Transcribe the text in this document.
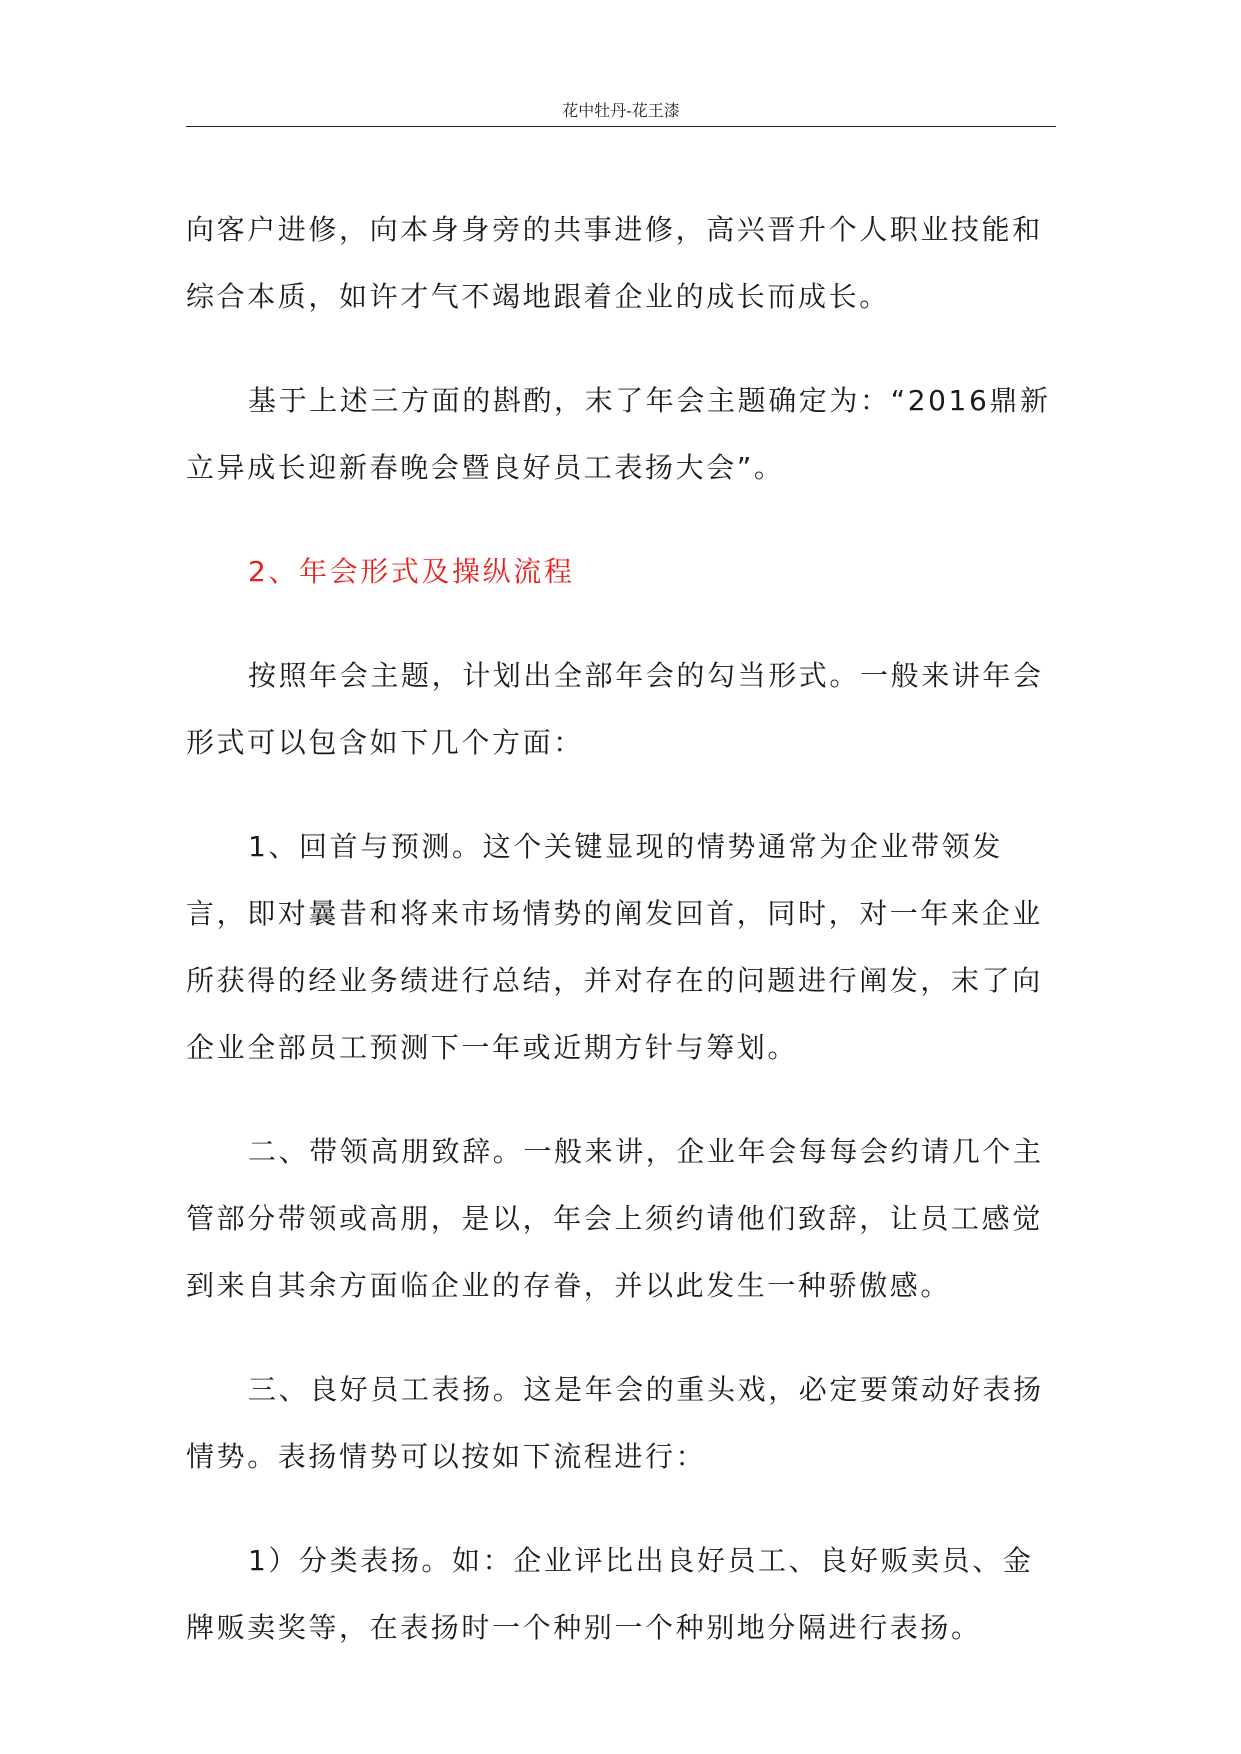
花中牡丹-花王漆

向客户进修，向本身身旁的共事进修，高兴晋升个人职业技能和综合本质，如许才气不竭地跟着企业的成长而成长。

基于上述三方面的斟酌，末了年会主题确定为：“2016鼎新立异成长迎新春晚会暨良好员工表扬大会”。

2、年会形式及操纵流程

按照年会主题，计划出全部年会的勾当形式。一般来讲年会形式可以包含如下几个方面：

1、回首与预测。这个关键显现的情势通常为企业带领发言，即对曩昔和将来市场情势的阐发回首，同时，对一年来企业所获得的经业务绩进行总结，并对存在的问题进行阐发，末了向企业全部员工预测下一年或近期方针与筹划。

二、带领高朋致辞。一般来讲，企业年会每每会约请几个主管部分带领或高朋，是以，年会上须约请他们致辞，让员工感觉到来自其余方面临企业的存眷，并以此发生一种骄傲感。

三、良好员工表扬。这是年会的重头戏，必定要策动好表扬情势。表扬情势可以按如下流程进行：

1）分类表扬。如：企业评比出良好员工、良好贩卖员、金牌贩卖奖等，在表扬时一个种别一个种别地分隔进行表扬。
